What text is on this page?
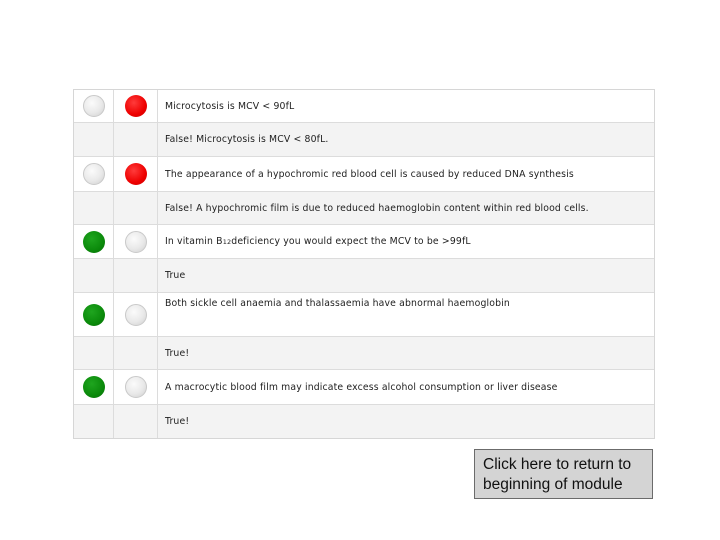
Microcytosis is MCV < 90fL
False! Microcytosis is MCV < 80fL.
The appearance of a hypochromic red blood cell is caused by reduced DNA synthesis
False! A hypochromic film is due to reduced haemoglobin content within red blood cells.
In vitamin B 12 deficiency you would expect the MCV to be >99fL
True
Both sickle cell anaemia and thalassaemia have abnormal haemoglobin
True!
A macrocytic blood film may indicate excess alcohol consumption or liver disease
True!
Click here to return to beginning of module
